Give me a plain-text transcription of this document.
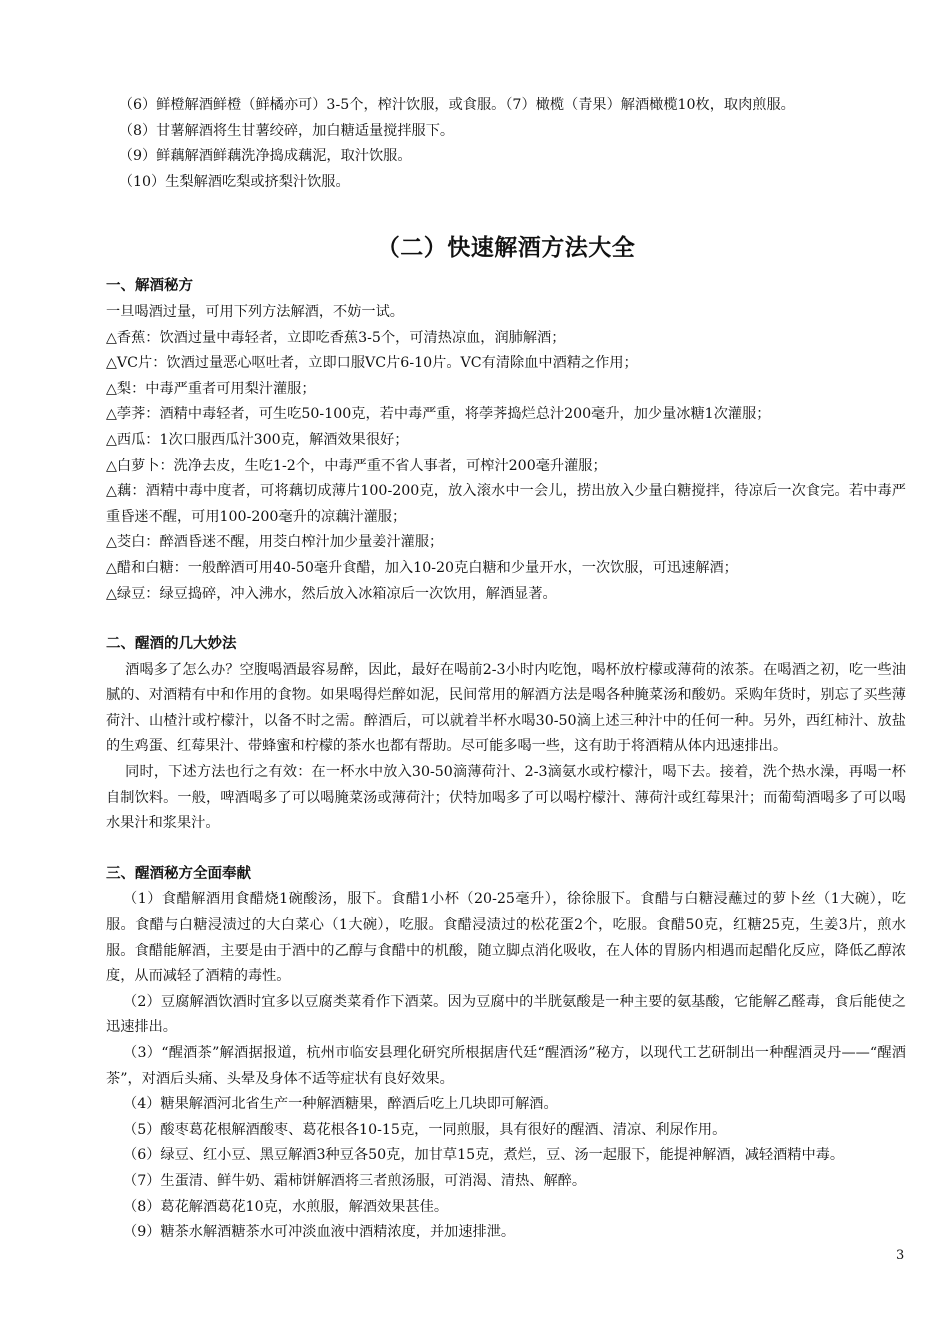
（6）鲜橙解酒鲜橙（鲜橘亦可）3-5个，榨汁饮服，或食服。（7）橄榄（青果）解酒橄榄10枚，取肉煎服。

（8）甘薯解酒将生甘薯绞碎，加白糖适量搅拌服下。

（9）鲜藕解酒鲜藕洗净捣成藕泥，取汁饮服。

（10）生梨解酒吃梨或挤梨汁饮服。

（二）快速解酒方法大全
一、解酒秘方

一旦喝酒过量，可用下列方法解酒，不妨一试。

△香蕉：饮酒过量中毒轻者，立即吃香蕉3-5个，可清热凉血，润肺解酒；

△VC片：饮酒过量恶心呕吐者，立即口服VC片6-10片。VC有清除血中酒精之作用；

△梨：中毒严重者可用梨汁灌服；

△荸荠：酒精中毒轻者，可生吃50-100克，若中毒严重，将荸荠捣烂总汁200毫升，加少量冰糖1次灌服；

△西瓜：1次口服西瓜汁300克，解酒效果很好；

△白萝卜：洗净去皮，生吃1-2个，中毒严重不省人事者，可榨汁200毫升灌服；

△藕：酒精中毒中度者，可将藕切成薄片100-200克，放入滚水中一会儿，捞出放入少量白糖搅拌，待凉后一次食完。若中毒严重昏迷不醒，可用100-200毫升的凉藕汁灌服；

△茭白：醉酒昏迷不醒，用茭白榨汁加少量姜汁灌服；

△醋和白糖：一般醉酒可用40-50毫升食醋，加入10-20克白糖和少量开水，一次饮服，可迅速解酒；

△绿豆：绿豆捣碎，冲入沸水，然后放入冰箱凉后一次饮用，解酒显著。

二、醒酒的几大妙法

酒喝多了怎么办？空腹喝酒最容易醉，因此，最好在喝前2-3小时内吃饱，喝杯放柠檬或薄荷的浓茶。在喝酒之初，吃一些油腻的、对酒精有中和作用的食物。如果喝得烂醉如泥，民间常用的解酒方法是喝各种腌菜汤和酸奶。采购年货时，别忘了买些薄荷汁、山楂汁或柠檬汁，以备不时之需。醉酒后，可以就着半杯水喝30-50滴上述三种汁中的任何一种。另外，西红柿汁、放盐的生鸡蛋、红莓果汁、带蜂蜜和柠檬的茶水也都有帮助。尽可能多喝一些，这有助于将酒精从体内迅速排出。

同时，下述方法也行之有效：在一杯水中放入30-50滴薄荷汁、2-3滴氨水或柠檬汁，喝下去。接着，洗个热水澡，再喝一杯自制饮料。一般，啤酒喝多了可以喝腌菜汤或薄荷汁；伏特加喝多了可以喝柠檬汁、薄荷汁或红莓果汁；而葡萄酒喝多了可以喝水果汁和浆果汁。

三、醒酒秘方全面奉献

（1）食醋解酒用食醋烧1碗酸汤，服下。食醋1小杯（20-25毫升），徐徐服下。食醋与白糖浸蘸过的萝卜丝（1大碗），吃服。食醋与白糖浸渍过的大白菜心（1大碗），吃服。食醋浸渍过的松花蛋2个，吃服。食醋50克，红糖25克，生姜3片，煎水服。食醋能解酒，主要是由于酒中的乙醇与食醋中的机酸，随立脚点消化吸收，在人体的胃肠内相遇而起醋化反应，降低乙醇浓度，从而减轻了酒精的毒性。

（2）豆腐解酒饮酒时宜多以豆腐类菜肴作下酒菜。因为豆腐中的半胱氨酸是一种主要的氨基酸，它能解乙醛毒，食后能使之迅速排出。

（3）“醒酒茶”解酒据报道，杭州市临安县理化研究所根据唐代廷“醒酒汤”秘方，以现代工艺研制出一种醒酒灵丹——“醒酒茶”，对酒后头痛、头晕及身体不适等症状有良好效果。

（4）糖果解酒河北省生产一种解酒糖果，醉酒后吃上几块即可解酒。

（5）酸枣葛花根解酒酸枣、葛花根各10-15克，一同煎服，具有很好的醒酒、清凉、利尿作用。

（6）绿豆、红小豆、黑豆解酒3种豆各50克，加甘草15克，煮烂，豆、汤一起服下，能提神解酒，减轻酒精中毒。

（7）生蛋清、鲜牛奶、霜柿饼解酒将三者煎汤服，可消渴、清热、解醉。

（8）葛花解酒葛花10克，水煎服，解酒效果甚佳。

（9）糖茶水解酒糖茶水可冲淡血液中酒精浓度，并加速排泄。

3
